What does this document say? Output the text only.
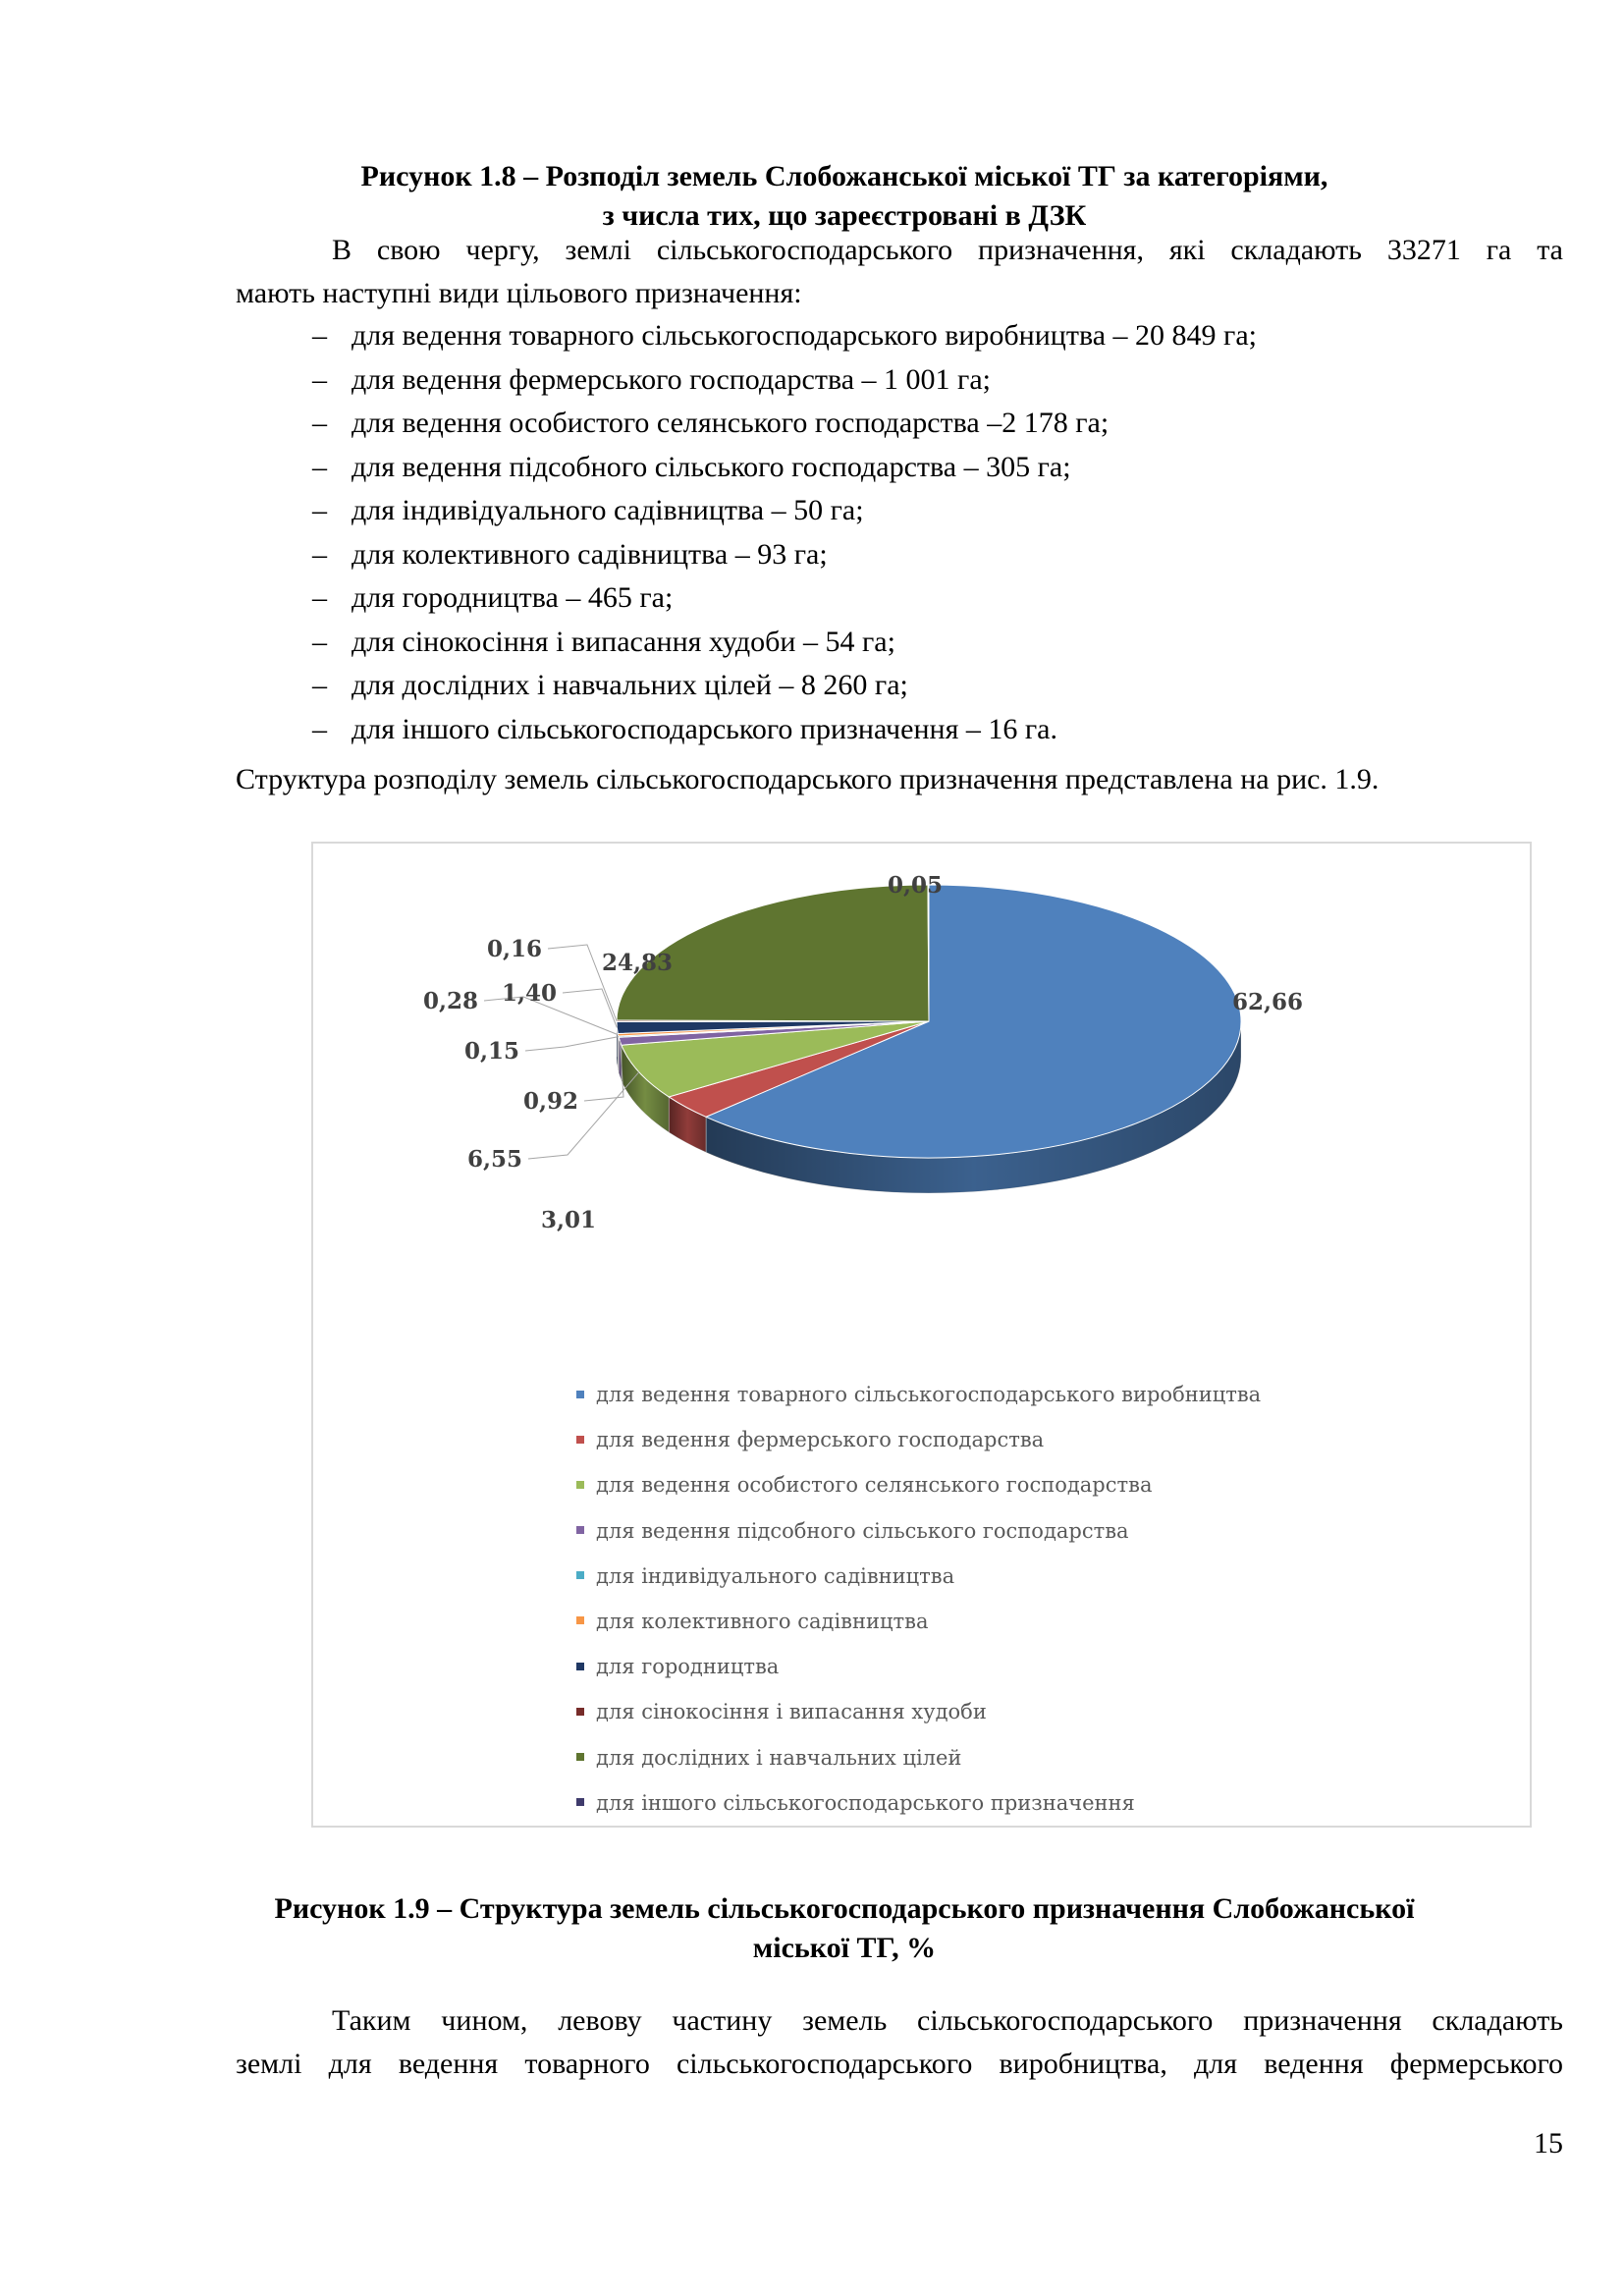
Рисунок 1.8 – Розподіл земель Слобожанської міської ТГ за категоріями,
з числа тих, що зареєстровані в ДЗК
В свою чергу, землі сільськогосподарського призначення, які складають 33271 га та
мають наступні види цільового призначення:
– для ведення товарного сільськогосподарського виробництва – 20 849 га;
– для ведення фермерського господарства – 1 001 га;
– для ведення особистого селянського господарства –2 178 га;
– для ведення підсобного сільського господарства – 305 га;
– для індивідуального садівництва – 50 га;
– для колективного садівництва – 93 га;
– для городництва – 465 га;
– для сінокосіння і випасання худоби – 54 га;
– для дослідних і навчальних цілей – 8 260 га;
– для іншого сільськогосподарського призначення – 16 га.
Структура розподілу земель сільськогосподарського призначення представлена на рис. 1.9.
62,66
3,01
6,55
0,92
0,15
0,28 1,40
0,16
24,83
0,05
для ведення товарного сільськогосподарського виробництва
для ведення фермерського господарства
для ведення особистого селянського господарства
для ведення підсобного сільського господарства
для індивідуального садівництва
для колективного садівництва
для городництва
для сінокосіння і випасання худоби
для дослідних і навчальних цілей
для іншого сільськогосподарського призначення
Рисунок 1.9 – Структура земель сільськогосподарського призначення Слобожанської
міської ТГ, %
Таким чином, левову частину земель сільськогосподарського призначення складають
землі для ведення товарного сільськогосподарського виробництва, для ведення фермерського
15
